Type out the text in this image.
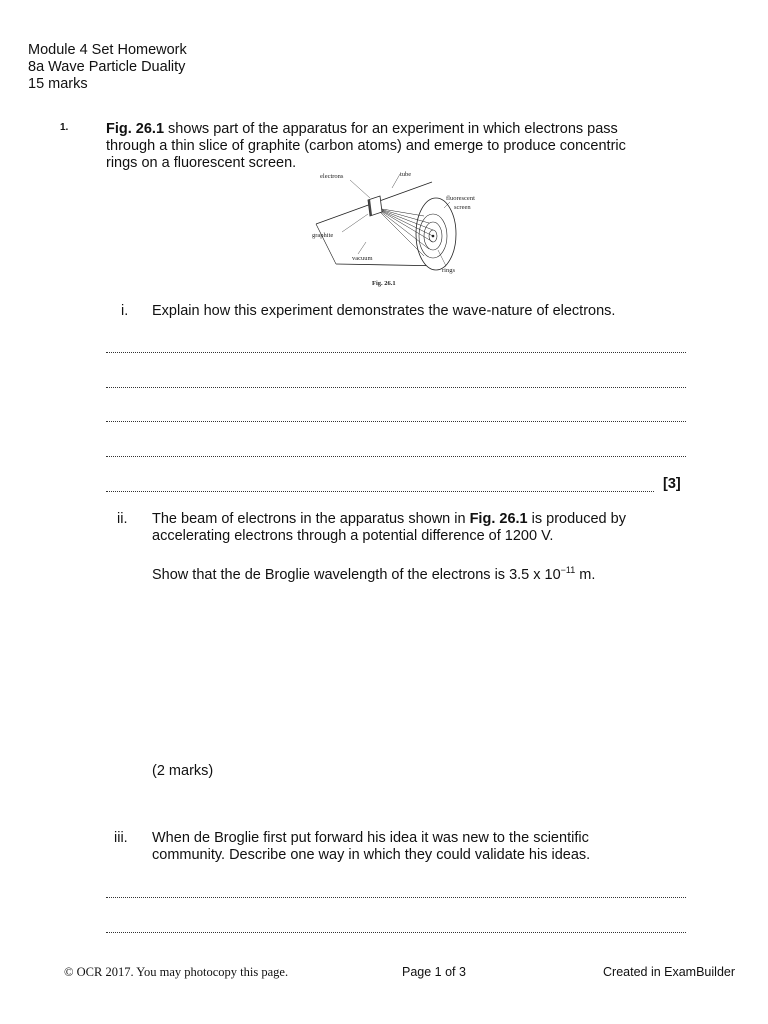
Module 4 Set Homework
8a Wave Particle Duality
15 marks
1.	Fig. 26.1 shows part of the apparatus for an experiment in which electrons pass
through a thin slice of graphite (carbon atoms) and emerge to produce concentric
rings on a fluorescent screen.
electrons	tube
fluorescent
screen
graphite
vacuum
rings
Fig. 26.1
i. Explain how this experiment demonstrates the wave-nature of electrons.
[3]
ii. The beam of electrons in the apparatus shown in Fig. 26.1 is produced by
accelerating electrons through a potential difference of 1200 V.
Show that the de Broglie wavelength of the electrons is 3.5 x $10^{-11}$ m.
(2 marks)
iii. When de Broglie first put forward his idea it was new to the scientific
community. Describe one way in which they could validate his ideas.
© OCR 2017. You may photocopy this page.	Page 1 of 3	Created in ExamBuilder
